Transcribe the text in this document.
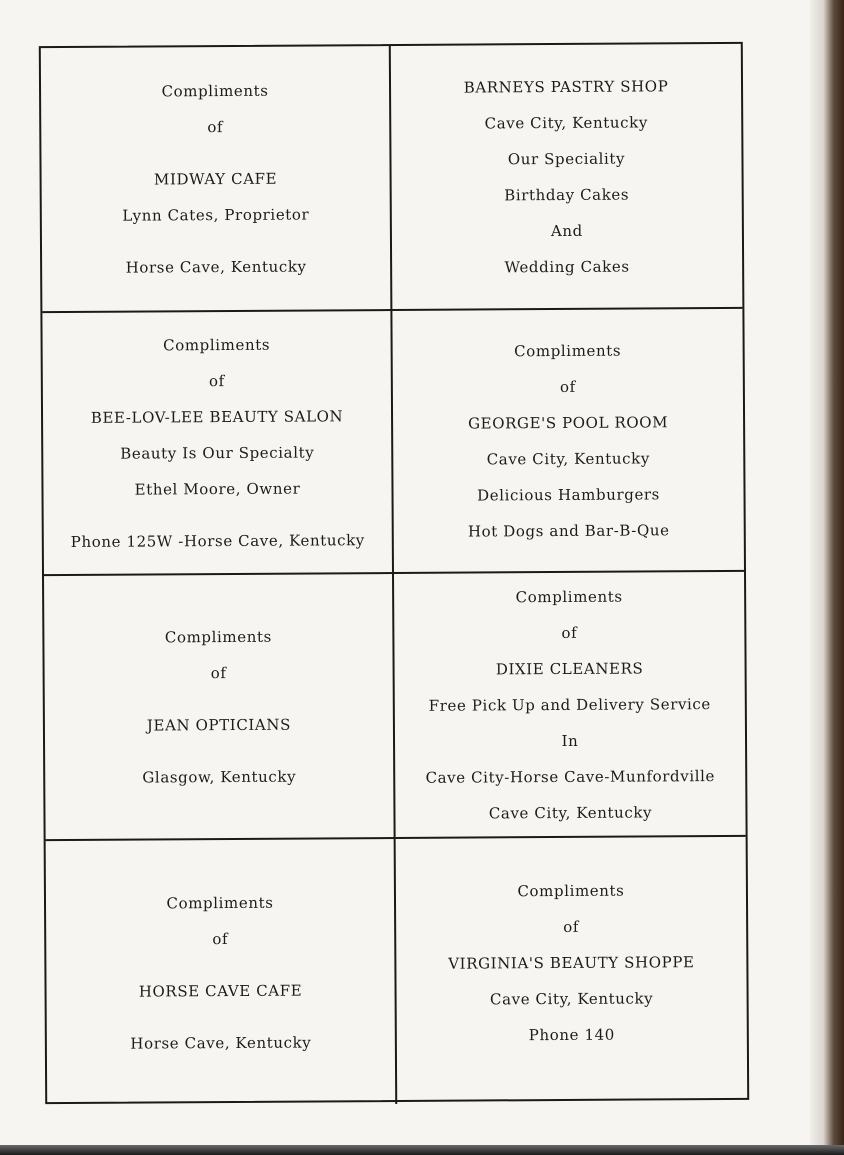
Compliments
of
MIDWAY CAFE
Lynn Cates, Proprietor
Horse Cave, Kentucky
BARNEYS PASTRY SHOP
Cave City, Kentucky
Our Speciality
Birthday Cakes
And
Wedding Cakes
Compliments
of
BEE-LOV-LEE BEAUTY SALON
Beauty Is Our Specialty
Ethel Moore, Owner
Phone 125W -Horse Cave, Kentucky
Compliments
of
GEORGE'S POOL ROOM
Cave City, Kentucky
Delicious Hamburgers
Hot Dogs and Bar-B-Que
Compliments
of
JEAN OPTICIANS
Glasgow, Kentucky
Compliments
of
DIXIE CLEANERS
Free Pick Up and Delivery Service
In
Cave City-Horse Cave-Munfordville
Cave City, Kentucky
Compliments
of
HORSE CAVE CAFE
Horse Cave, Kentucky
Compliments
of
VIRGINIA'S BEAUTY SHOPPE
Cave City, Kentucky
Phone 140
